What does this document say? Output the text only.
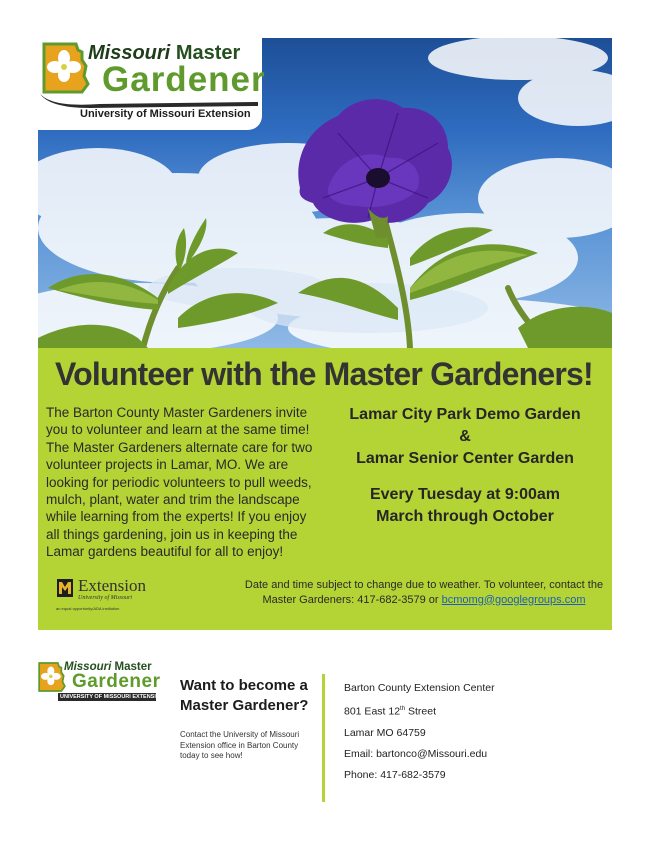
Missouri Master
Gardener
University of Missouri Extension
Volunteer with the Master Gardeners!

The Barton County Master Gardeners invite you to volunteer and learn at the same time! The Master Gardeners alternate care for two volunteer projects in Lamar, MO. We are looking for periodic volunteers to pull weeds, mulch, plant, water and trim the landscape while learning from the experts! If you enjoy all things gardening, join us in keeping the Lamar gardens beautiful for all to enjoy!

Lamar City Park Demo Garden
&
Lamar Senior Center Garden
Every Tuesday at 9:00am
March through October
Extension
University of Missouri
an equal opportunity/ADA institution
Date and time subject to change due to weather. To volunteer, contact the Master Gardeners: 417-682-3579 or bcmomg@googlegroups.com
Missouri Master
Gardener
UNIVERSITY OF MISSOURI EXTENSION

Want to become a Master Gardener?

Contact the University of Missouri Extension office in Barton County today to see how!

Barton County Extension Center
801 East 12th Street
Lamar MO 64759
Email: bartonco@Missouri.edu
Phone: 417-682-3579
